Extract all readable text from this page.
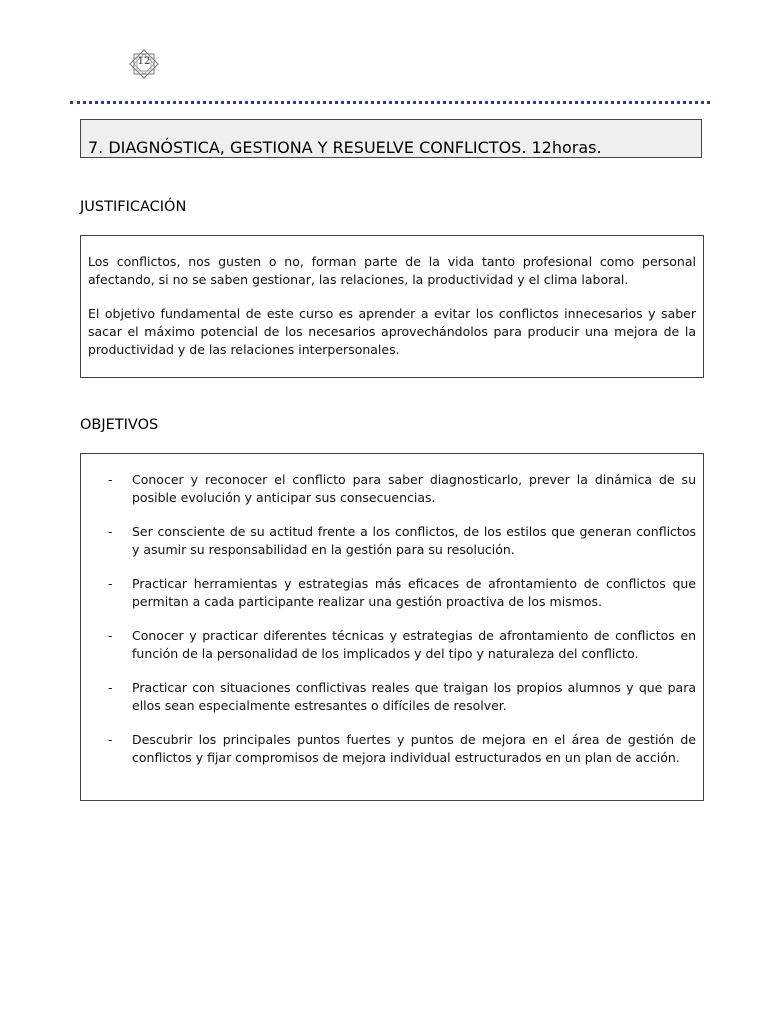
12
7. DIAGNÓSTICA, GESTIONA Y RESUELVE CONFLICTOS. 12horas.
JUSTIFICACIÓN

Los conflictos, nos gusten o no, forman parte de la vida tanto profesional como personal afectando, si no se saben gestionar, las relaciones, la productividad y el clima laboral.

El objetivo fundamental de este curso es aprender a evitar los conflictos innecesarios y saber sacar el máximo potencial de los necesarios aprovechándolos para producir una mejora de la productividad y de las relaciones interpersonales.

OBJETIVOS
- Conocer y reconocer el conflicto para saber diagnosticarlo, prever la dinámica de su posible evolución y anticipar sus consecuencias.
- Ser consciente de su actitud frente a los conflictos, de los estilos que generan conflictos y asumir su responsabilidad en la gestión para su resolución.
- Practicar herramientas y estrategias más eficaces de afrontamiento de conflictos que permitan a cada participante realizar una gestión proactiva de los mismos.
- Conocer y practicar diferentes técnicas y estrategias de afrontamiento de conflictos en función de la personalidad de los implicados y del tipo y naturaleza del conflicto.
- Practicar con situaciones conflictivas reales que traigan los propios alumnos y que para ellos sean especialmente estresantes o difíciles de resolver.
- Descubrir los principales puntos fuertes y puntos de mejora en el área de gestión de conflictos y fijar compromisos de mejora individual estructurados en un plan de acción.
